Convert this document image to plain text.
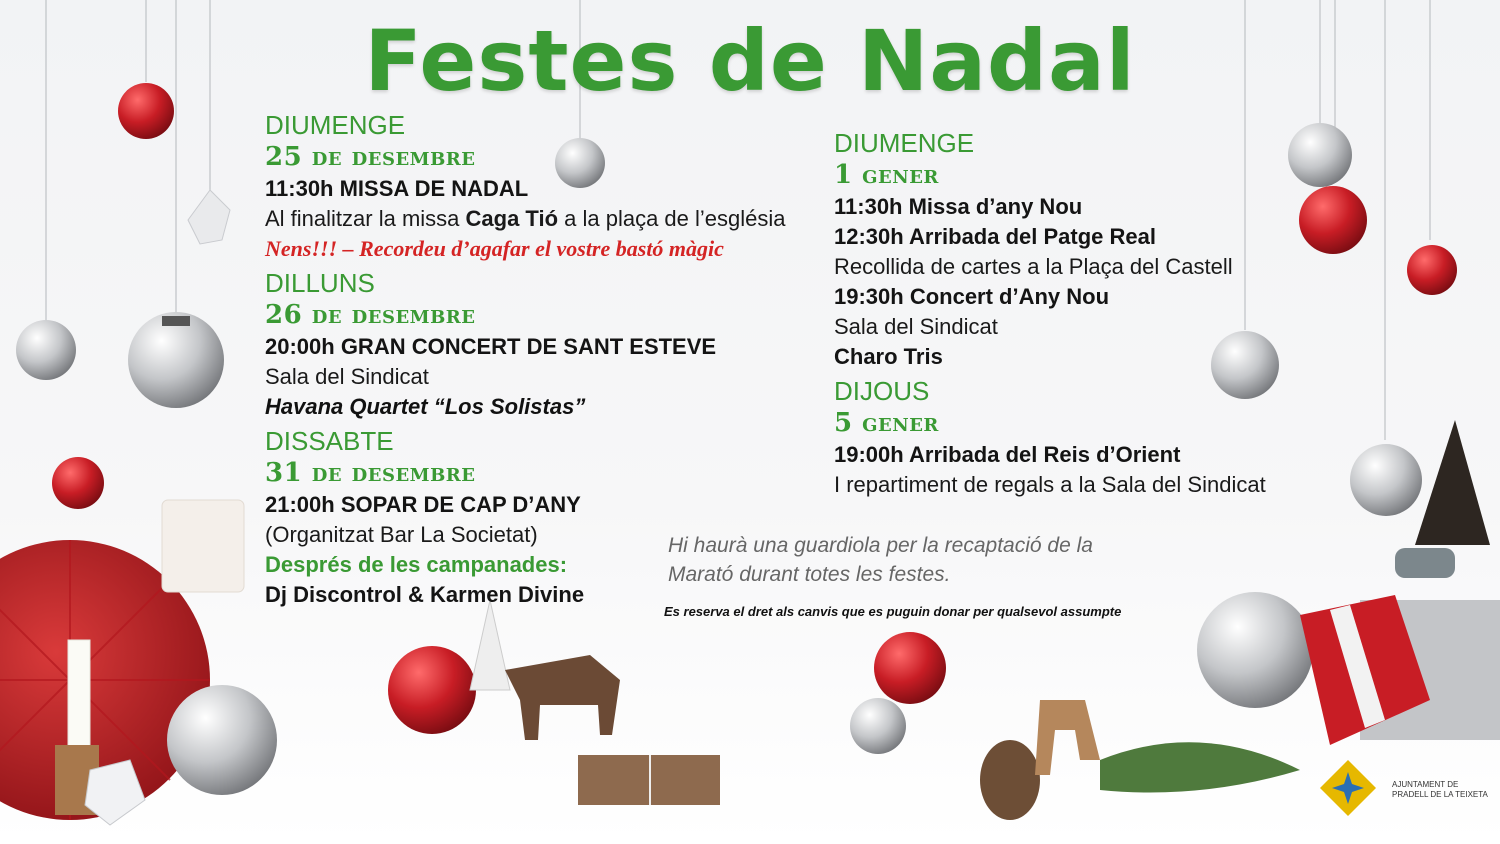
Festes de Nadal
DIUMENGE
25 de desembre
11:30h MISSA DE NADAL
Al finalitzar la missa Caga Tió a la plaça de l’església
Nens!!! – Recordeu d’agafar el vostre bastó màgic
DILLUNS
26 de desembre
20:00h GRAN CONCERT DE SANT ESTEVE
Sala del Sindicat
Havana Quartet “Los Solistas”
DISSABTE
31 de desembre
21:00h SOPAR DE CAP D’ANY
(Organitzat Bar La Societat)
Després de les campanades:
Dj Discontrol & Karmen Divine
DIUMENGE
1 gener
11:30h Missa d’any Nou
12:30h Arribada del Patge Real
Recollida de cartes a la Plaça del Castell
19:30h Concert d’Any Nou
Sala del Sindicat
Charo Tris
DIJOUS
5 gener
19:00h Arribada del Reis d’Orient
I repartiment de regals a la Sala del Sindicat
Hi haurà una guardiola per la recaptació de la
Marató durant totes les festes.
Es reserva el dret als canvis que es puguin donar per qualsevol assumpte
AJUNTAMENT DE
PRADELL DE LA TEIXETA
